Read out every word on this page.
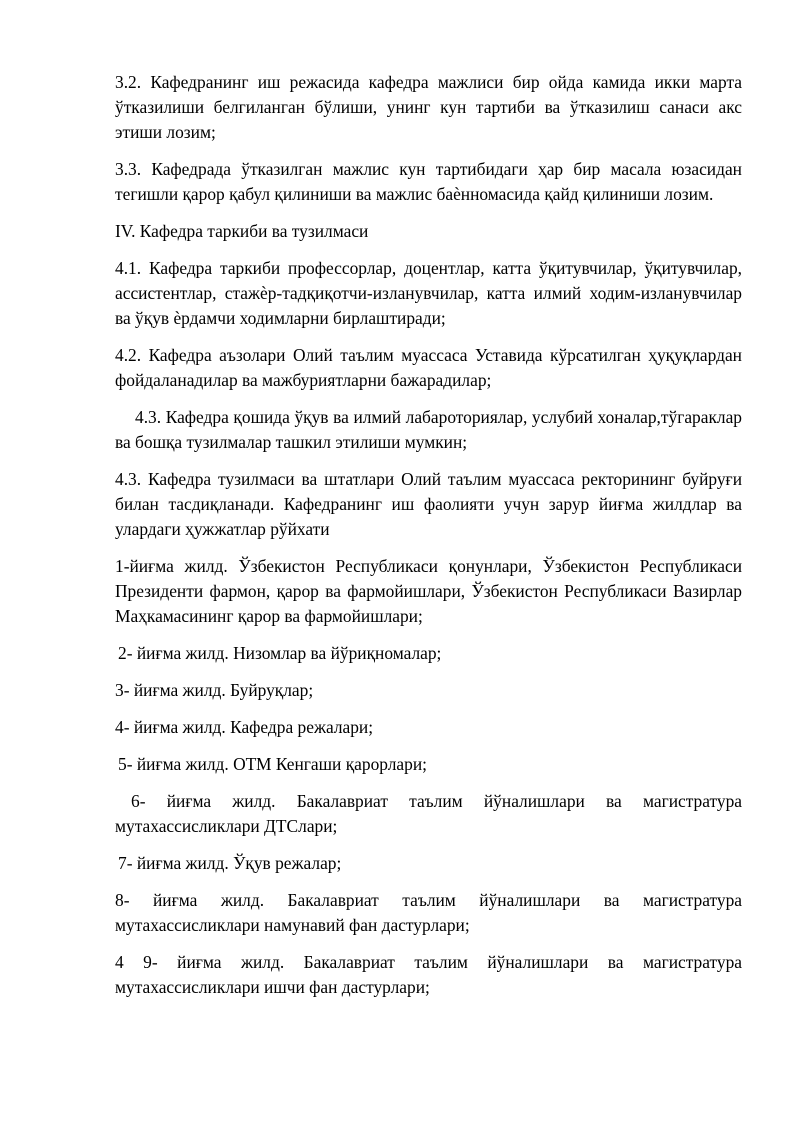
3.2. Кафедранинг иш режасида кафедра мажлиси бир ойда камида икки марта ўтказилиши белгиланган бўлиши, унинг кун тартиби ва ўтказилиш санаси акс этиши лозим;

3.3. Кафедрада ўтказилган мажлис кун тартибидаги ҳар бир масала юзасидан тегишли қарор қабул қилиниши ва мажлис баѐнномасида қайд қилиниши лозим.

IV. Кафедра таркиби ва тузилмаси

4.1. Кафедра таркиби профессорлар, доцентлар, катта ўқитувчилар, ўқитувчилар, ассистентлар, стажѐр-тадқиқотчи-изланувчилар, катта илмий ходим-изланувчилар ва ўқув ѐрдамчи ходимларни бирлаштиради;

4.2. Кафедра аъзолари Олий таълим муассаса Уставида кўрсатилган ҳуқуқлардан фойдаланадилар ва мажбуриятларни бажарадилар;

4.3. Кафедра қошида ўқув ва илмий лабароториялар, услубий хоналар,тўгараклар ва бошқа тузилмалар ташкил этилиши мумкин;

4.3. Кафедра тузилмаси ва штатлари Олий таълим муассаса ректорининг буйруғи билан тасдиқланади. Кафедранинг иш фаолияти учун зарур йиғма жилдлар ва улардаги ҳужжатлар рўйхати

1-йиғма жилд. Ўзбекистон Республикаси қонунлари, Ўзбекистон Республикаси Президенти фармон, қарор ва фармойишлари, Ўзбекистон Республикаси Вазирлар Маҳкамасининг қарор ва фармойишлари;

2- йиғма жилд. Низомлар ва йўриқномалар;

3- йиғма жилд. Буйруқлар;

4- йиғма жилд. Кафедра режалари;

5- йиғма жилд. ОТМ Кенгаши қарорлари;

6- йиғма жилд. Бакалавриат таълим йўналишлари ва магистратура мутахассисликлари ДТСлари;

7- йиғма жилд. Ўқув режалар;

8- йиғма жилд. Бакалавриат таълим йўналишлари ва магистратура мутахассисликлари намунавий фан дастурлари;

4 9- йиғма жилд. Бакалавриат таълим йўналишлари ва магистратура мутахассисликлари ишчи фан дастурлари;
